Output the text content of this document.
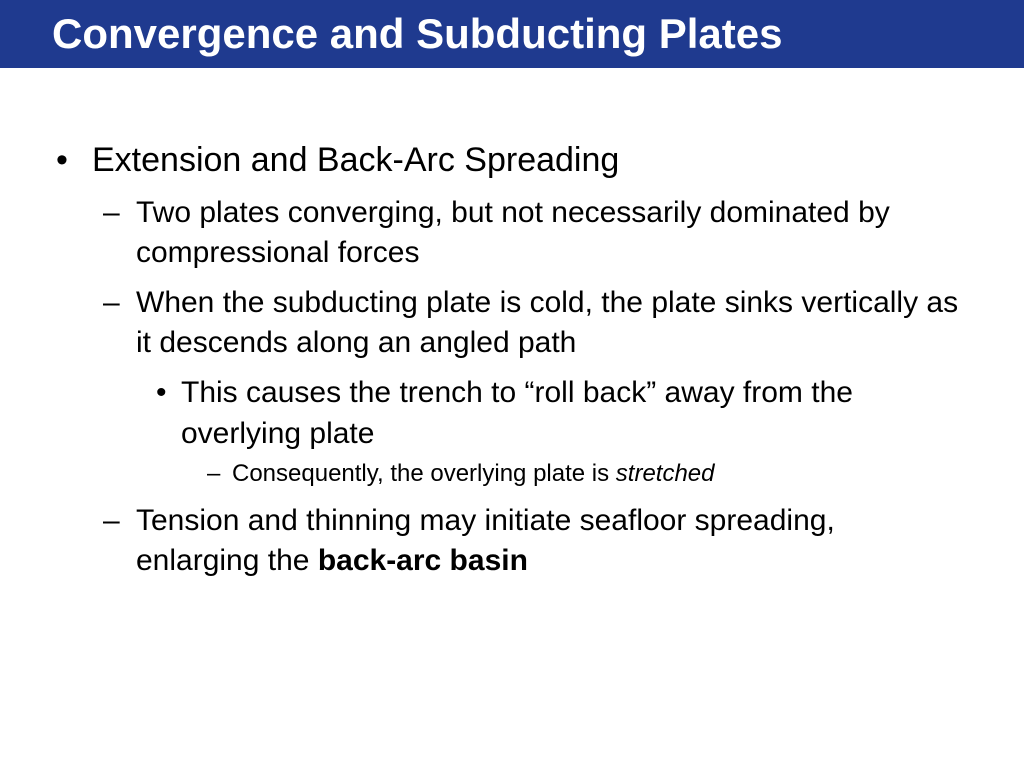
Convergence and Subducting Plates
• Extension and Back-Arc Spreading
– Two plates converging, but not necessarily dominated by compressional forces
– When the subducting plate is cold, the plate sinks vertically as it descends along an angled path
• This causes the trench to “roll back” away from the overlying plate
– Consequently, the overlying plate is stretched
– Tension and thinning may initiate seafloor spreading, enlarging the back-arc basin
